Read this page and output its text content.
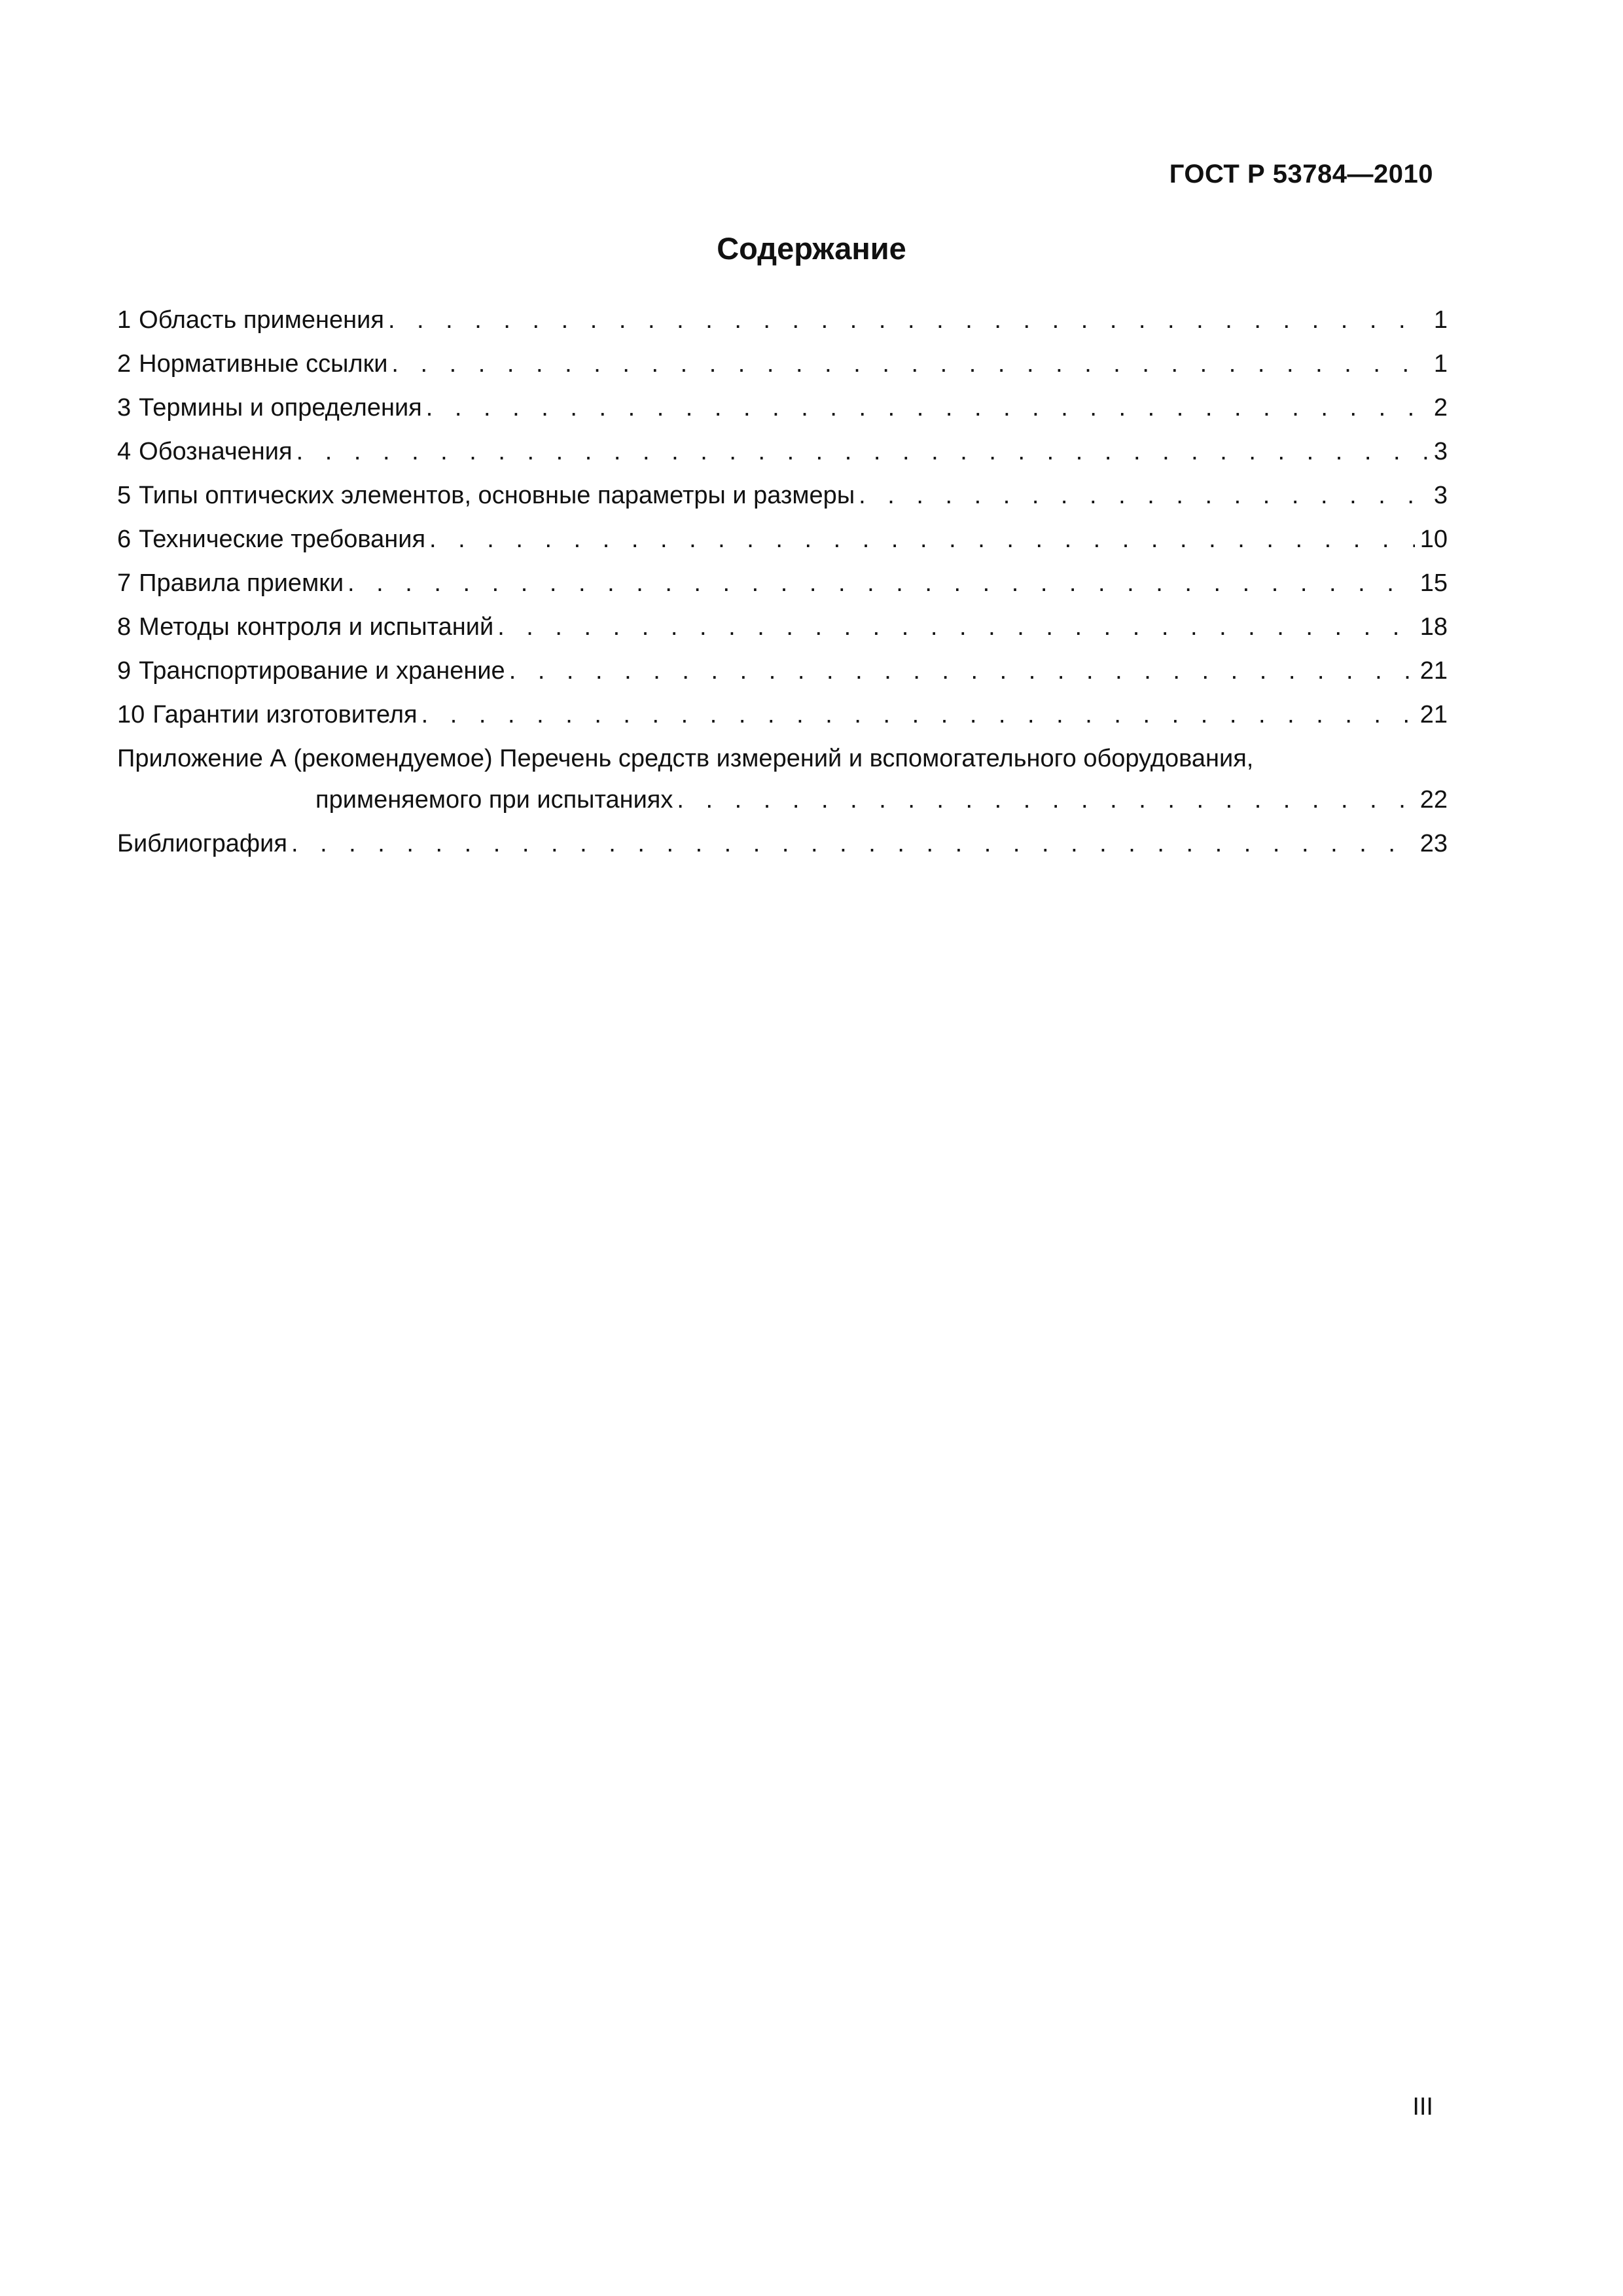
ГОСТ Р 53784—2010
Содержание
1 Область применения . . .	1
2 Нормативные ссылки . . .	1
3 Термины и определения . . .	2
4 Обозначения . . .	3
5 Типы оптических элементов, основные параметры и размеры . . .	3
6 Технические требования . . .	10
7 Правила приемки . . .	15
8 Методы контроля и испытаний . . .	18
9 Транспортирование и хранение . . .	21
10 Гарантии изготовителя . . .	21
Приложение А (рекомендуемое) Перечень средств измерений и вспомогательного оборудования,
применяемого при испытаниях . . .	22
Библиография . . .	23
III
